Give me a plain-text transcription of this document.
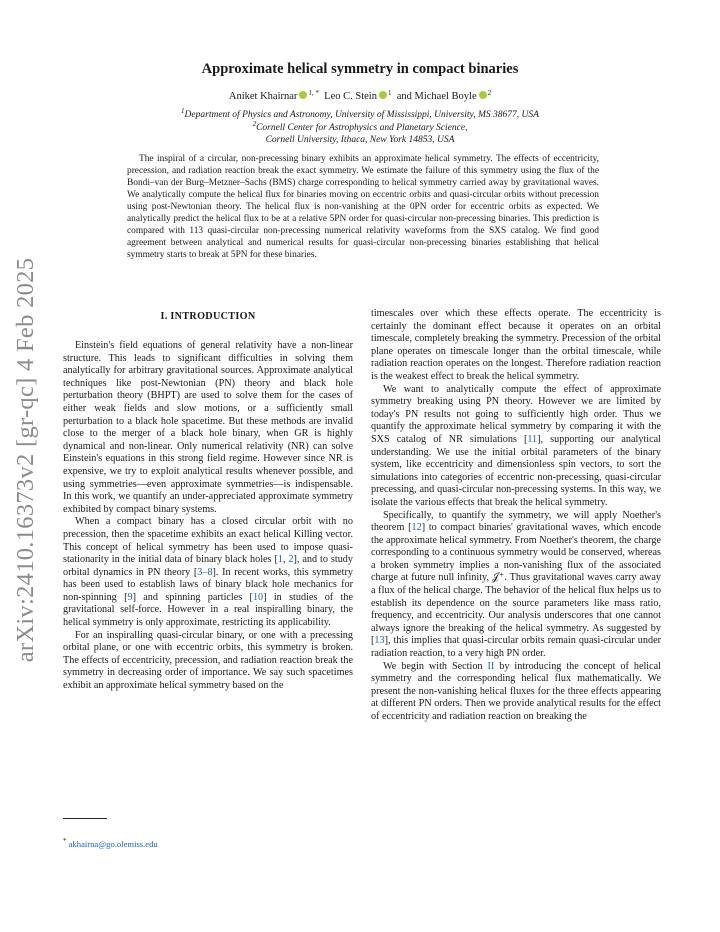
arXiv:2410.16373v2 [gr-qc] 4 Feb 2025
Approximate helical symmetry in compact binaries
Aniket Khairnar $^{1, *}$ Leo C. Stein $^1$ and Michael Boyle $^2$
$^1$Department of Physics and Astronomy, University of Mississippi, University, MS 38677, USA
$^2$Cornell Center for Astrophysics and Planetary Science,
Cornell University, Ithaca, New York 14853, USA
The inspiral of a circular, non-precessing binary exhibits an approximate helical symmetry. The effects of eccentricity, precession, and radiation reaction break the exact symmetry. We estimate the failure of this symmetry using the flux of the Bondi–van der Burg–Metzner–Sachs (BMS) charge corresponding to helical symmetry carried away by gravitational waves. We analytically compute the helical flux for binaries moving on eccentric orbits and quasi-circular orbits without precession using post-Newtonian theory. The helical flux is non-vanishing at the 0PN order for eccentric orbits as expected. We analytically predict the helical flux to be at a relative 5PN order for quasi-circular non-precessing binaries. This prediction is compared with 113 quasi-circular non-precessing numerical relativity waveforms from the SXS catalog. We find good agreement between analytical and numerical results for quasi-circular non-precessing binaries establishing that helical symmetry starts to break at 5PN for these binaries.
I. INTRODUCTION

Einstein's field equations of general relativity have a non-linear structure. This leads to significant difficulties in solving them analytically for arbitrary gravitational sources. Approximate analytical techniques like post-Newtonian (PN) theory and black hole perturbation theory (BHPT) are used to solve them for the cases of either weak fields and slow motions, or a sufficiently small perturbation to a black hole spacetime. But these methods are invalid close to the merger of a black hole binary, when GR is highly dynamical and non-linear. Only numerical relativity (NR) can solve Einstein's equations in this strong field regime. However since NR is expensive, we try to exploit analytical results whenever possible, and using symmetries—even approximate symmetries—is indispensable. In this work, we quantify an under-appreciated approximate symmetry exhibited by compact binary systems.

When a compact binary has a closed circular orbit with no precession, then the spacetime exhibits an exact helical Killing vector. This concept of helical symmetry has been used to impose quasi-stationarity in the initial data of binary black holes [1, 2], and to study orbital dynamics in PN theory [3–8]. In recent works, this symmetry has been used to establish laws of binary black hole mechanics for non-spinning [9] and spinning particles [10] in studies of the gravitational self-force. However in a real inspiralling binary, the helical symmetry is only approximate, restricting its applicability.

For an inspiralling quasi-circular binary, or one with a precessing orbital plane, or one with eccentric orbits, this symmetry is broken. The effects of eccentricity, precession, and radiation reaction break the symmetry in decreasing order of importance. We say such spacetimes exhibit an approximate helical symmetry based on the

timescales over which these effects operate. The eccentricity is certainly the dominant effect because it operates on an orbital timescale, completely breaking the symmetry. Precession of the orbital plane operates on timescale longer than the orbital timescale, while radiation reaction operates on the longest. Therefore radiation reaction is the weakest effect to break the helical symmetry.

We want to analytically compute the effect of approximate symmetry breaking using PN theory. However we are limited by today's PN results not going to sufficiently high order. Thus we quantify the approximate helical symmetry by comparing it with the SXS catalog of NR simulations [11], supporting our analytical understanding. We use the initial orbital parameters of the binary system, like eccentricity and dimensionless spin vectors, to sort the simulations into categories of eccentric non-precessing, quasi-circular precessing, and quasi-circular non-precessing systems. In this way, we isolate the various effects that break the helical symmetry.

Specifically, to quantify the symmetry, we will apply Noether's theorem [12] to compact binaries' gravitational waves, which encode the approximate helical symmetry. From Noether's theorem, the charge corresponding to a continuous symmetry would be conserved, whereas a broken symmetry implies a non-vanishing flux of the associated charge at future null infinity, 𝒥⁺. Thus gravitational waves carry away a flux of the helical charge. The behavior of the helical flux helps us to establish its dependence on the source parameters like mass ratio, frequency, and eccentricity. Our analysis underscores that one cannot always ignore the breaking of the helical symmetry. As suggested by [13], this implies that quasi-circular orbits remain quasi-circular under radiation reaction, to a very high PN order.

We begin with Section II by introducing the concept of helical symmetry and the corresponding helical flux mathematically. We present the non-vanishing helical fluxes for the three effects appearing at different PN orders. Then we provide analytical results for the effect of eccentricity and radiation reaction on breaking the

* akhairna@go.olemiss.edu
